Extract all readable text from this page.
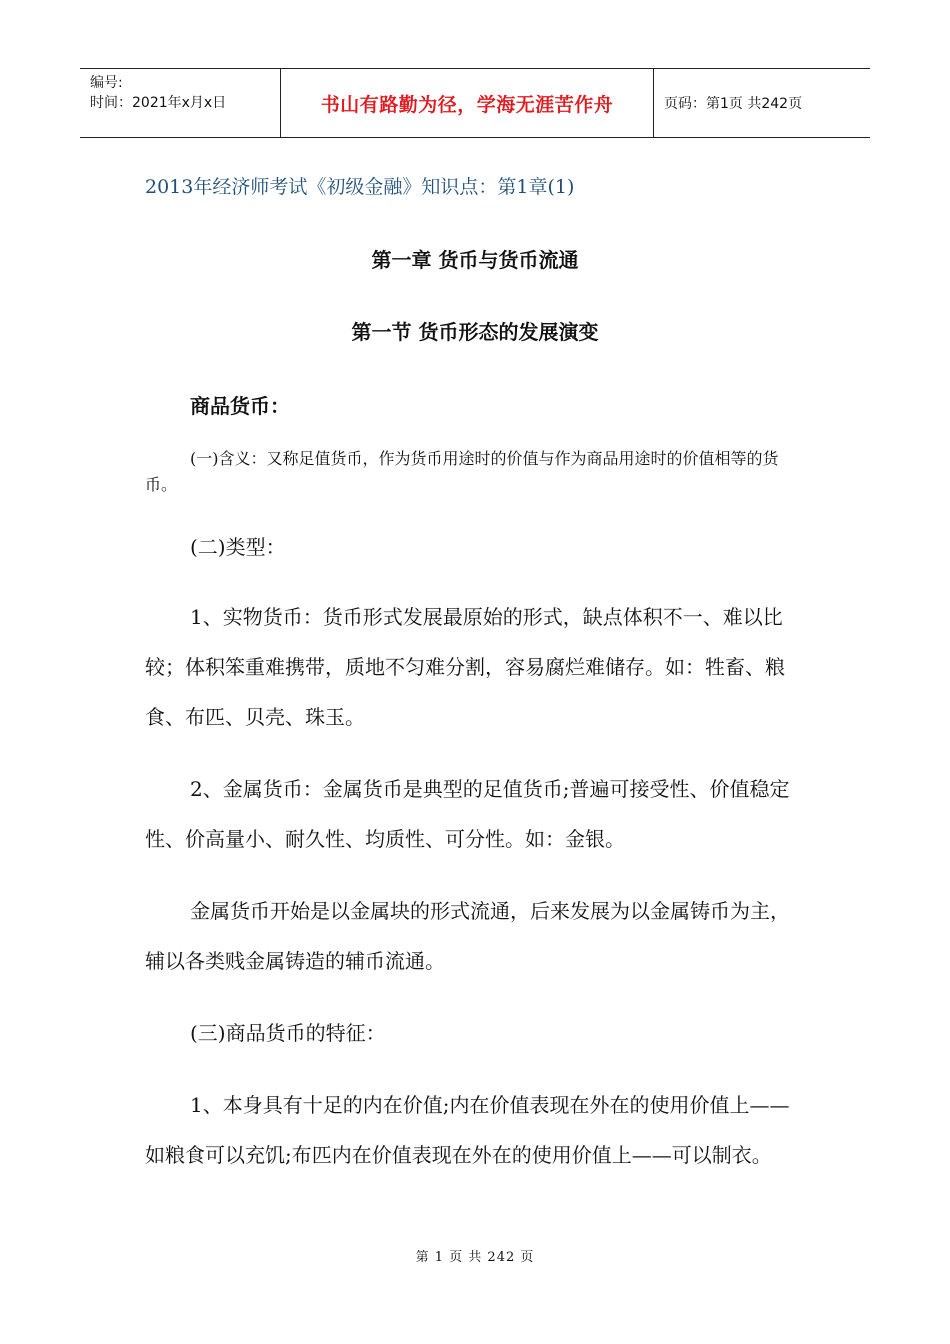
编号:
时间：2021年x月x日	书山有路勤为径，学海无涯苦作舟	页码：第1页 共242页
2013年经济师考试《初级金融》知识点：第1章(1)
第一章 货币与货币流通
第一节 货币形态的发展演变
商品货币：
(一)含义：又称足值货币，作为货币用途时的价值与作为商品用途时的价值相等的货币。
(二)类型：
1、实物货币：货币形式发展最原始的形式，缺点体积不一、难以比较；体积笨重难携带，质地不匀难分割，容易腐烂难储存。如：牲畜、粮食、布匹、贝壳、珠玉。
2、金属货币：金属货币是典型的足值货币;普遍可接受性、价值稳定性、价高量小、耐久性、均质性、可分性。如：金银。
金属货币开始是以金属块的形式流通，后来发展为以金属铸币为主，辅以各类贱金属铸造的辅币流通。
(三)商品货币的特征：
1、本身具有十足的内在价值;内在价值表现在外在的使用价值上——如粮食可以充饥;布匹内在价值表现在外在的使用价值上——可以制衣。
第 1 页 共 242 页
